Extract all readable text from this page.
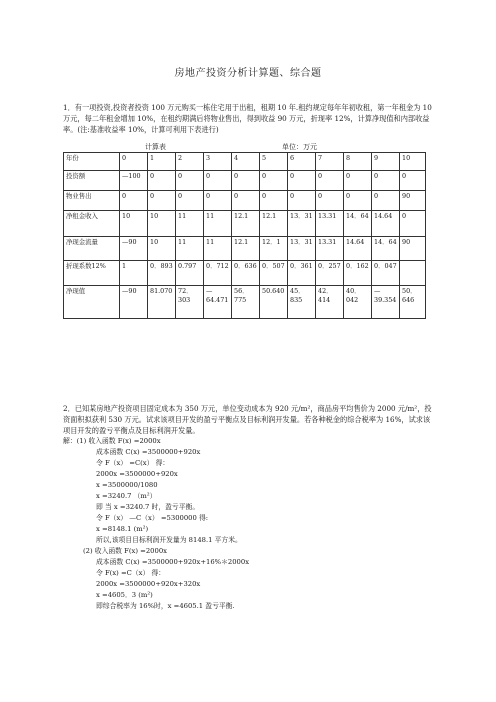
房地产投资分析计算题、综合题
1．有一项投资,投资者投资 100 万元购买一栋住宅用于出租，租期 10 年.租约规定每年年初收租，第一年租金为 10 万元，每二年租金增加 10%，在租约期满后将物业售出，得到收益 90 万元，折现率 12%，计算净现值和内部收益率。(注:基准收益率 10%，计算可利用下表进行)
计算表	单位：万元
年份	0	1	2	3	4	5	6	7	8	9	10
投资额	—100	0	0	0	0	0	0	0	0	0	0
物业售出	0	0	0	0	0	0	0	0	0	0	90
净租金收入	10	10	11	11	12.1	12.1	13．31	13.31	14．64	14.64	0
净现金流量	—90	10	11	11	12.1	12．1	13．31	13.31	14.64	14．64	90
折现系数12%	1	0．893	0.797	0．712	0．636	0．507	0．361	0．257	0．162	0．047	
净现值	—90	81.070	72．303	—64.471	56．775	50.640	45．835	42．414	40．042	—39.354	50．646
2．已知某房地产投资项目固定成本为 350 万元，单位变动成本为 920 元/m²，商品房平均售价为 2000 元/m²，投资面积拟获利 530 万元。试求该项目开发的盈亏平衡点及目标利润开发量。若各种税金的综合税率为 16%，试求该项目开发的盈亏平衡点及目标利润开发量。
解：(1) 收入函数 F(x) =2000x
成本函数 C(x) =3500000+920x
令 F（x） =C(x） 得：
2000x =3500000+920x
x =3500000/1080
x =3240.7 （m²）
即 当 x =3240.7 时，盈亏平衡。
令 F（x） —C（x） =5300000 得:
x =8148.1 (m²)
所以,该项目目标利润开发量为 8148.1 平方米。
(2) 收入函数 F(x) =2000x
成本函数 C(x) =3500000+920x+16%＊2000x
令 F(x) =C（x） 得：
2000x =3500000+920x+320x
x =4605．3 (m²)
即综合税率为 16%时，x =4605.1 盈亏平衡.
